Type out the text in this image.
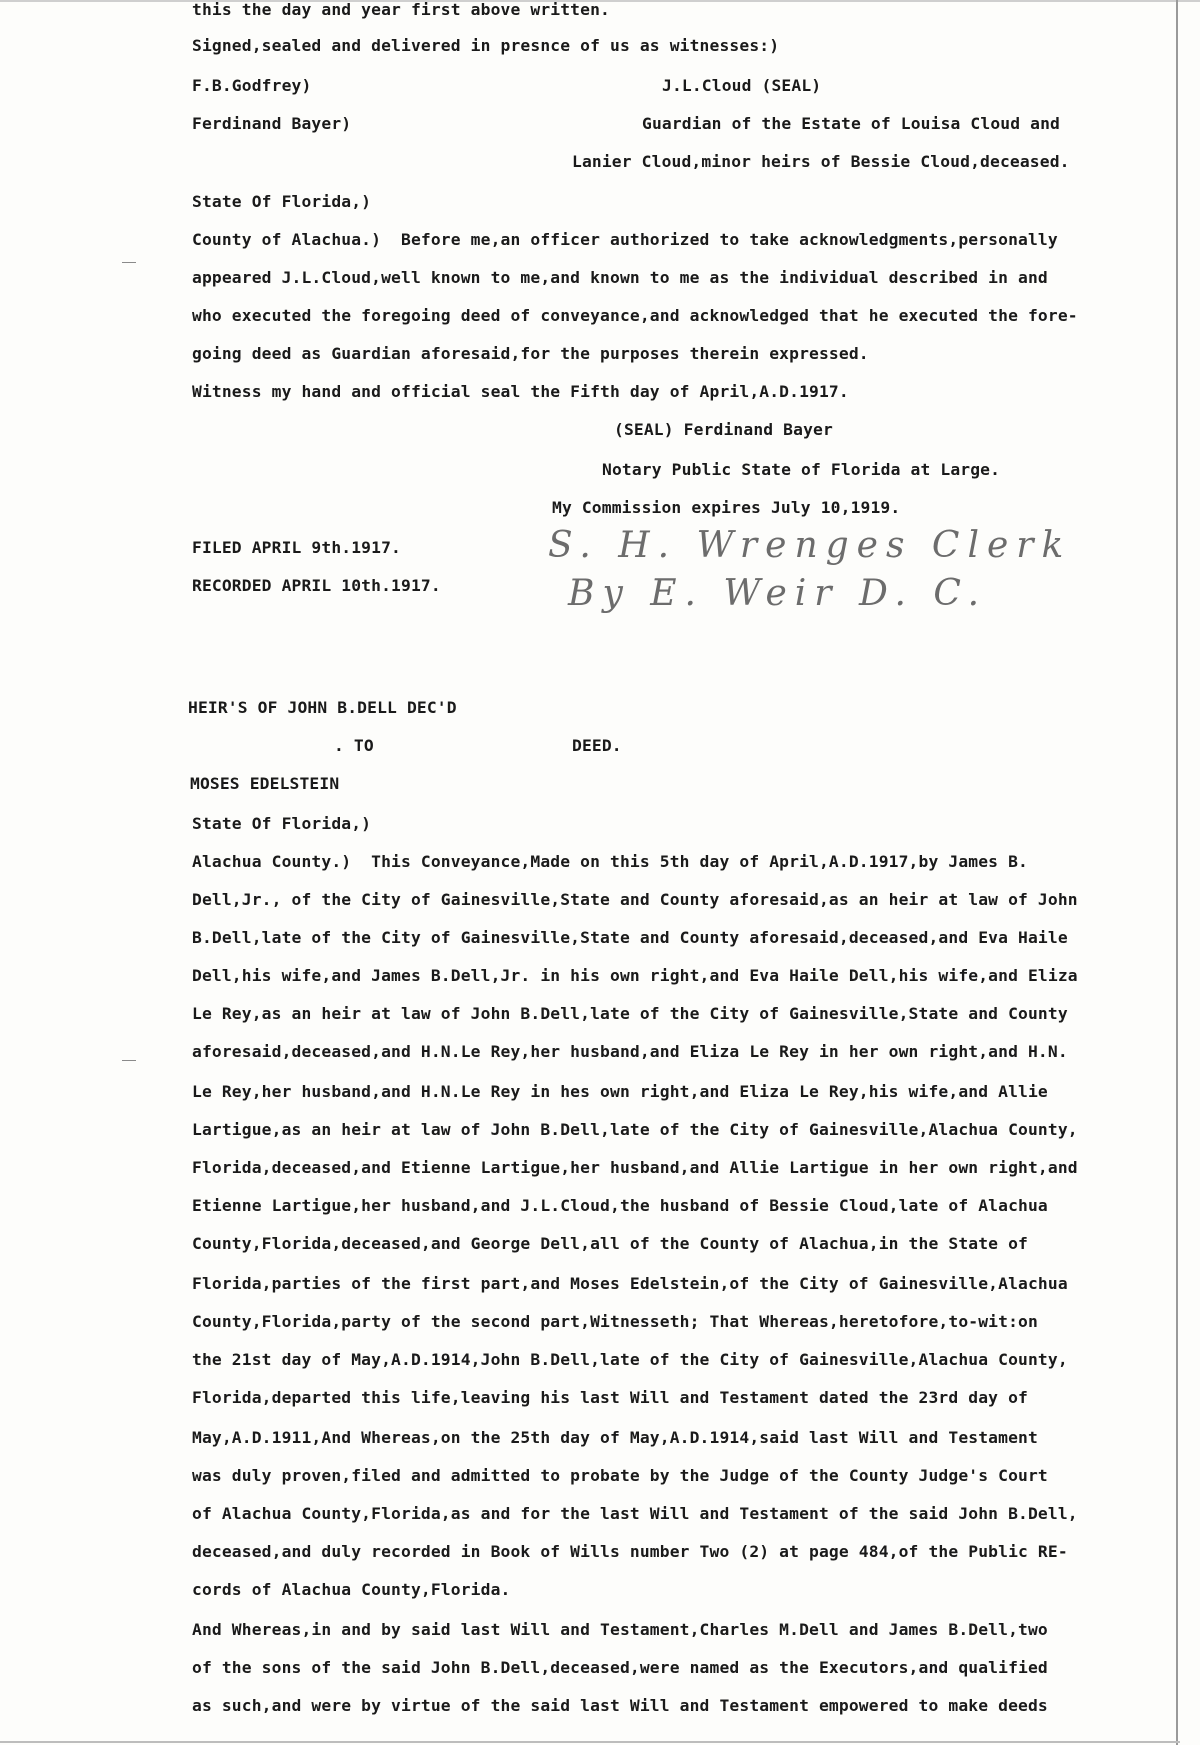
this the day and year first above written.
Signed,sealed and delivered in presnce of us as witnesses:)
F.B.Godfrey)	J.L.Cloud (SEAL)
Ferdinand Bayer)	Guardian of the Estate of Louisa Cloud and
Lanier Cloud,minor heirs of Bessie Cloud,deceased.
State Of Florida,)
County of Alachua.)  Before me,an officer authorized to take acknowledgments,personally
appeared J.L.Cloud,well known to me,and known to me as the individual described in and
who executed the foregoing deed of conveyance,and acknowledged that he executed the fore-
going deed as Guardian aforesaid,for the purposes therein expressed.
Witness my hand and official seal the Fifth day of April,A.D.1917.
(SEAL) Ferdinand Bayer
Notary Public State of Florida at Large.
My Commission expires July 10,1919.
FILED APRIL 9th.1917.
RECORDED APRIL 10th.1917.
S. H. Wrenges Clerk
By E. Weir D. C.
HEIR'S OF JOHN B.DELL DEC'D
. TO	DEED.
MOSES EDELSTEIN
State Of Florida,)
Alachua County.)  This Conveyance,Made on this 5th day of April,A.D.1917,by James B.
Dell,Jr., of the City of Gainesville,State and County aforesaid,as an heir at law of John
B.Dell,late of the City of Gainesville,State and County aforesaid,deceased,and Eva Haile
Dell,his wife,and James B.Dell,Jr. in his own right,and Eva Haile Dell,his wife,and Eliza
Le Rey,as an heir at law of John B.Dell,late of the City of Gainesville,State and County
aforesaid,deceased,and H.N.Le Rey,her husband,and Eliza Le Rey in her own right,and H.N.
Le Rey,her husband,and H.N.Le Rey in hes own right,and Eliza Le Rey,his wife,and Allie
Lartigue,as an heir at law of John B.Dell,late of the City of Gainesville,Alachua County,
Florida,deceased,and Etienne Lartigue,her husband,and Allie Lartigue in her own right,and
Etienne Lartigue,her husband,and J.L.Cloud,the husband of Bessie Cloud,late of Alachua
County,Florida,deceased,and George Dell,all of the County of Alachua,in the State of
Florida,parties of the first part,and Moses Edelstein,of the City of Gainesville,Alachua
County,Florida,party of the second part,Witnesseth; That Whereas,heretofore,to-wit:on
the 21st day of May,A.D.1914,John B.Dell,late of the City of Gainesville,Alachua County,
Florida,departed this life,leaving his last Will and Testament dated the 23rd day of
May,A.D.1911,And Whereas,on the 25th day of May,A.D.1914,said last Will and Testament
was duly proven,filed and admitted to probate by the Judge of the County Judge's Court
of Alachua County,Florida,as and for the last Will and Testament of the said John B.Dell,
deceased,and duly recorded in Book of Wills number Two (2) at page 484,of the Public RE-
cords of Alachua County,Florida.
And Whereas,in and by said last Will and Testament,Charles M.Dell and James B.Dell,two
of the sons of the said John B.Dell,deceased,were named as the Executors,and qualified
as such,and were by virtue of the said last Will and Testament empowered to make deeds
